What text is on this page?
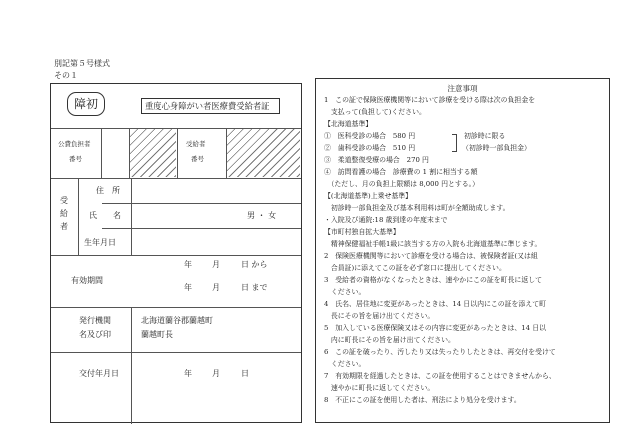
別記第５号様式
その１
障初	重度心身障がい者医療費受給者証
公費負担者
番号
受給者
番号
受
給
者
住　所
氏　　名	男 ・ 女
生年月日
有効期間
年	月	日 から
年	月	日 まで
発行機関
名及び印
北海道蘭谷郡蘭越町
蘭越町長
交付年月日	年	月	日
注意事項
1　この証で保険医療機関等において診療を受ける際は次の負担金を
　支払って(負担して)ください。
【北海道基準】
①　医科受診の場合　580 円
②　歯科受診の場合　510 円
③　柔道整復受療の場合　270 円
④　訪問看護の場合　診療費の 1 割に相当する額
　（ただし、月の負担上限額は 8,000 円とする。）
【(北海道基準)上乗せ基準】
　初診時一部負担金及び基本利用料は町が全額助成します。
・入院及び通院:18 歳到達の年度末まで
【市町村独自拡大基準】
　精神保健福祉手帳1級に該当する方の入院も北海道基準に準じます。
2　保険医療機関等において診療を受ける場合は、被保険者証(又は組
　合員証)に添えてこの証を必ず窓口に提出してください。
3　受給者の資格がなくなったときは、速やかにこの証を町長に返して
　ください。
4　氏名、居住地に変更があったときは、14 日以内にこの証を添えて町
　長にその旨を届け出てください。
5　加入している医療保険又はその内容に変更があったときは、14 日以
　内に町長にその旨を届け出てください。
6　この証を破ったり、汚したり又は失ったりしたときは、再交付を受けて
　ください。
7　有効期限を経過したときは、この証を使用することはできませんから、
　速やかに町長に返してください。
8　不正にこの証を使用した者は、刑法により処分を受けます。
初診時に限る
（初診時一部負担金）
